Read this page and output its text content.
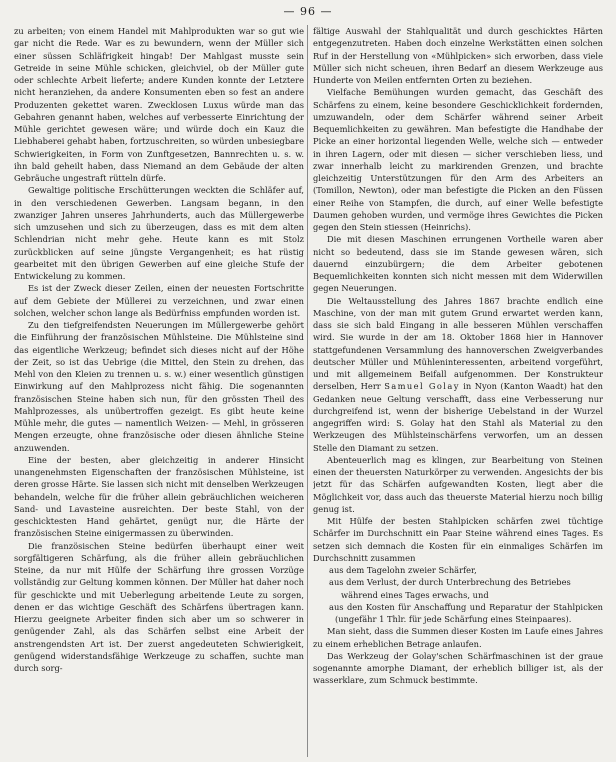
— 96 —
zu arbeiten; von einem Handel mit Mahlprodukten war so gut wie gar nicht die Rede. War es zu bewundern, wenn der Müller sich einer süssen Schläfrigkeit hingab! Der Mahlgast musste sein Getreide in seine Mühle schicken, gleichviel, ob der Müller gute oder schlechte Arbeit lieferte; andere Kunden konnte der Letztere nicht heranziehen, da andere Konsumenten eben so fest an andere Produzenten gekettet waren. Zwecklosen Luxus würde man das Gebahren genannt haben, welches auf verbesserte Einrichtung der Mühle gerichtet gewesen wäre; und würde doch ein Kauz die Liebhaberei gehabt haben, fortzuschreiten, so würden unbesiegbare Schwierigkeiten, in Form von Zunftgesetzen, Bannrechten u. s. w. ihn bald geheilt haben, dass Niemand an dem Gebäude der alten Gebräuche ungestraft rütteln dürfe.
Gewaltige politische Erschütterungen weckten die Schläfer auf, in den verschiedenen Gewerben. Langsam begann, in den zwanziger Jahren unseres Jahrhunderts, auch das Müllergewerbe sich umzusehen und sich zu überzeugen, dass es mit dem alten Schlendrian nicht mehr gehe. Heute kann es mit Stolz zurückblicken auf seine jüngste Vergangenheit; es hat rüstig gearbeitet mit den übrigen Gewerben auf eine gleiche Stufe der Entwickelung zu kommen.
Es ist der Zweck dieser Zeilen, einen der neuesten Fortschritte auf dem Gebiete der Müllerei zu verzeichnen, und zwar einen solchen, welcher schon lange als Bedürfniss empfunden worden ist.
Zu den tiefgreifendsten Neuerungen im Müllergewerbe gehört die Einführung der französischen Mühlsteine. Die Mühlsteine sind das eigentliche Werkzeug; befindet sich dieses nicht auf der Höhe der Zeit, so ist das Uebrige (die Mittel, den Stein zu drehen, das Mehl von den Kleien zu trennen u. s. w.) einer wesentlich günstigen Einwirkung auf den Mahlprozess nicht fähig. Die sogenannten französischen Steine haben sich nun, für den grössten Theil des Mahlprozesses, als unübertroffen gezeigt. Es gibt heute keine Mühle mehr, die gutes — namentlich Weizen- — Mehl, in grösseren Mengen erzeugte, ohne französische oder diesen ähnliche Steine anzuwenden.
Eine der besten, aber gleichzeitig in anderer Hinsicht unangenehmsten Eigenschaften der französischen Mühlsteine, ist deren grosse Härte. Sie lassen sich nicht mit denselben Werkzeugen behandeln, welche für die früher allein gebräuchlichen weicheren Sand- und Lavasteine ausreichten. Der beste Stahl, von der geschicktesten Hand gehärtet, genügt nur, die Härte der französischen Steine einigermassen zu überwinden.
Die französischen Steine bedürfen überhaupt einer weit sorgfältigeren Schärfung, als die früher allein gebräuchlichen Steine, da nur mit Hülfe der Schärfung ihre grossen Vorzüge vollständig zur Geltung kommen können. Der Müller hat daher noch für geschickte und mit Ueberlegung arbeitende Leute zu sorgen, denen er das wichtige Geschäft des Schärfens übertragen kann. Hierzu geeignete Arbeiter finden sich aber um so schwerer in genügender Zahl, als das Schärfen selbst eine Arbeit der anstrengendsten Art ist. Der zuerst angedeuteten Schwierigkeit, genügend widerstandsfähige Werkzeuge zu schaffen, suchte man durch sorg-
fältige Auswahl der Stahlqualität und durch geschicktes Härten entgegenzutreten. Haben doch einzelne Werkstätten einen solchen Ruf in der Herstellung von «Mühlpicken» sich erworben, dass viele Müller sich nicht scheuen, ihren Bedarf an diesem Werkzeuge aus Hunderte von Meilen entfernten Orten zu beziehen.
Vielfache Bemühungen wurden gemacht, das Geschäft des Schärfens zu einem, keine besondere Geschicklichkeit fordernden, umzuwandeln, oder dem Schärfer während seiner Arbeit Bequemlichkeiten zu gewähren. Man befestigte die Handhabe der Picke an einer horizontal liegenden Welle, welche sich — entweder in ihren Lagern, oder mit diesen — sicher verschieben liess, und zwar innerhalb leicht zu markirenden Grenzen, und brachte gleichzeitig Unterstützungen für den Arm des Arbeiters an (Tomillon, Newton), oder man befestigte die Picken an den Füssen einer Reihe von Stampfen, die durch, auf einer Welle befestigte Daumen gehoben wurden, und vermöge ihres Gewichtes die Picken gegen den Stein stiessen (Heinrichs).
Die mit diesen Maschinen errungenen Vortheile waren aber nicht so bedeutend, dass sie im Stande gewesen wären, sich dauernd einzubürgern; die dem Arbeiter gebotenen Bequemlichkeiten konnten sich nicht messen mit dem Widerwillen gegen Neuerungen.
Die Weltausstellung des Jahres 1867 brachte endlich eine Maschine, von der man mit gutem Grund erwartet werden kann, dass sie sich bald Eingang in alle besseren Mühlen verschaffen wird. Sie wurde in der am 18. Oktober 1868 hier in Hannover stattgefundenen Versammlung des hannoverschen Zweigverbandes deutscher Müller und Mühleninteressenten, arbeitend vorgeführt, und mit allgemeinem Beifall aufgenommen. Der Konstrukteur derselben, Herr Samuel Golay in Nyon (Kanton Waadt) hat den Gedanken neue Geltung verschafft, dass eine Verbesserung nur durchgreifend ist, wenn der bisherige Uebelstand in der Wurzel angegriffen wird: S. Golay hat den Stahl als Material zu den Werkzeugen des Mühlsteinschärfens verworfen, um an dessen Stelle den Diamant zu setzen.
Abenteuerlich mag es klingen, zur Bearbeitung von Steinen einen der theuersten Naturkörper zu verwenden. Angesichts der bis jetzt für das Schärfen aufgewandten Kosten, liegt aber die Möglichkeit vor, dass auch das theuerste Material hierzu noch billig genug ist.
Mit Hülfe der besten Stahlpicken schärfen zwei tüchtige Schärfer im Durchschnitt ein Paar Steine während eines Tages. Es setzen sich demnach die Kosten für ein einmaliges Schärfen im Durchschnitt zusammen
aus dem Tagelohn zweier Schärfer,
aus dem Verlust, der durch Unterbrechung des Betriebes
während eines Tages erwachs, und
aus den Kosten für Anschaffung und Reparatur der Stahlpicken (ungefähr 1 Thlr. für jede Schärfung eines Steinpaares).
Man sieht, dass die Summen dieser Kosten im Laufe eines Jahres zu einem erheblichen Betrage anlaufen.
Das Werkzeug der Golay'schen Schärfmaschinen ist der graue sogenannte amorphe Diamant, der erheblich billiger ist, als der wasserklare, zum Schmuck bestimmte.
